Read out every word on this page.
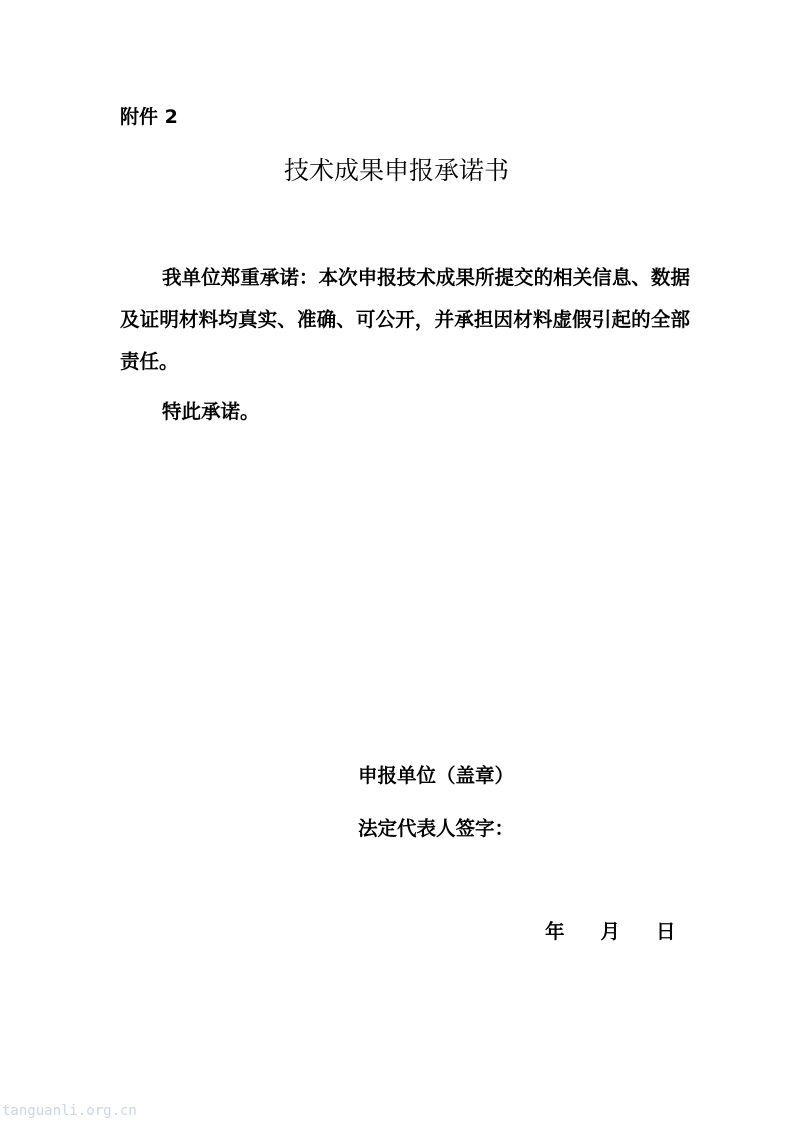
附件 2
技术成果申报承诺书
我单位郑重承诺：本次申报技术成果所提交的相关信息、数据及证明材料均真实、准确、可公开，并承担因材料虚假引起的全部责任。
特此承诺。
申报单位（盖章）
法定代表人签字：
年 月 日
tanguanli.org.cn
